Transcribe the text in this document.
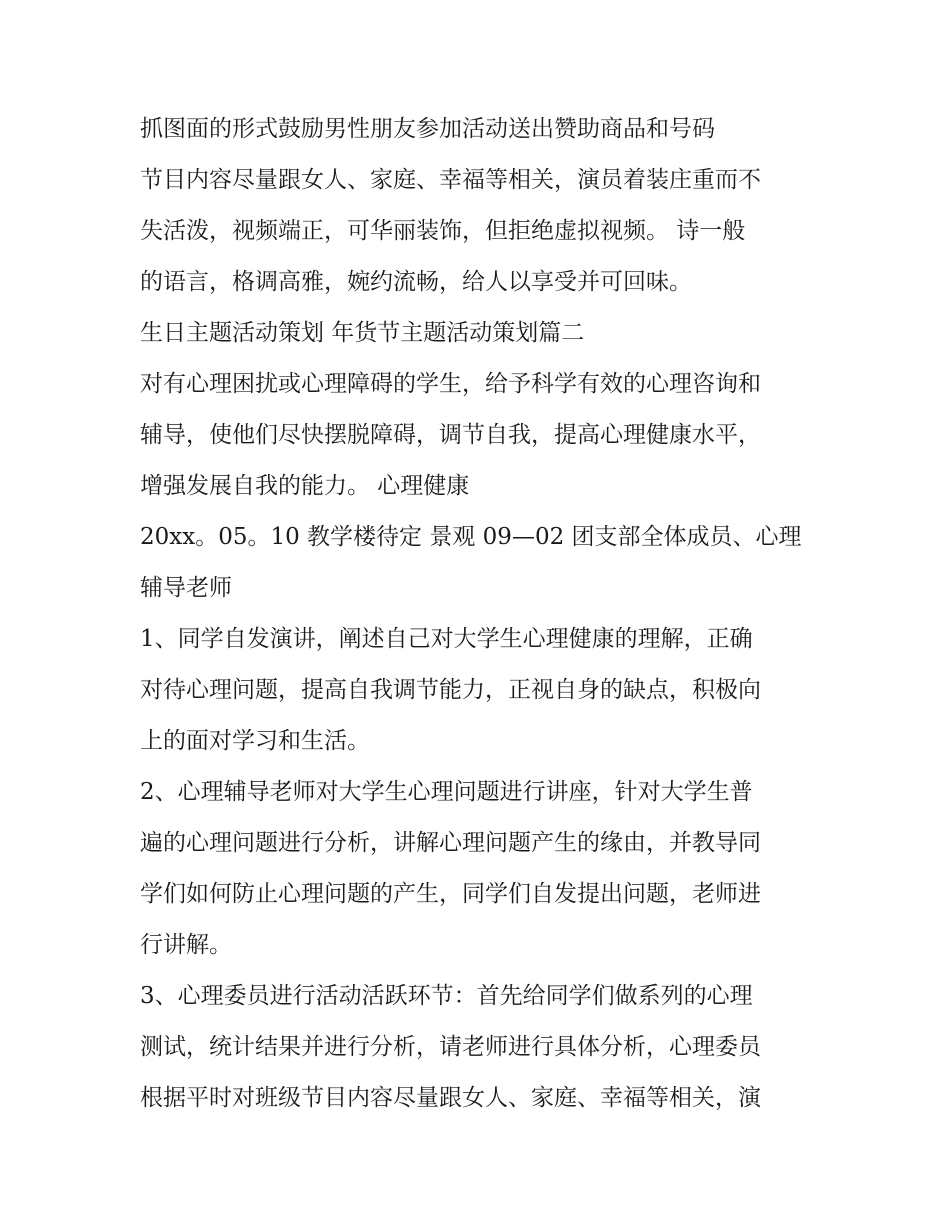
抓图面的形式鼓励男性朋友参加活动送出赞助商品和号码
节目内容尽量跟女人、家庭、幸福等相关，演员着装庄重而不
失活泼，视频端正，可华丽装饰，但拒绝虚拟视频。 诗一般
的语言，格调高雅，婉约流畅，给人以享受并可回味。
生日主题活动策划 年货节主题活动策划篇二
对有心理困扰或心理障碍的学生，给予科学有效的心理咨询和
辅导，使他们尽快摆脱障碍，调节自我，提高心理健康水平，
增强发展自我的能力。 心理健康
20xx。05。10 教学楼待定 景观 09—02 团支部全体成员、心理
辅导老师
1、同学自发演讲，阐述自己对大学生心理健康的理解，正确
对待心理问题，提高自我调节能力，正视自身的缺点，积极向
上的面对学习和生活。
2、心理辅导老师对大学生心理问题进行讲座，针对大学生普
遍的心理问题进行分析，讲解心理问题产生的缘由，并教导同
学们如何防止心理问题的产生，同学们自发提出问题，老师进
行讲解。
3、心理委员进行活动活跃环节：首先给同学们做系列的心理
测试，统计结果并进行分析，请老师进行具体分析，心理委员
根据平时对班级节目内容尽量跟女人、家庭、幸福等相关，演
